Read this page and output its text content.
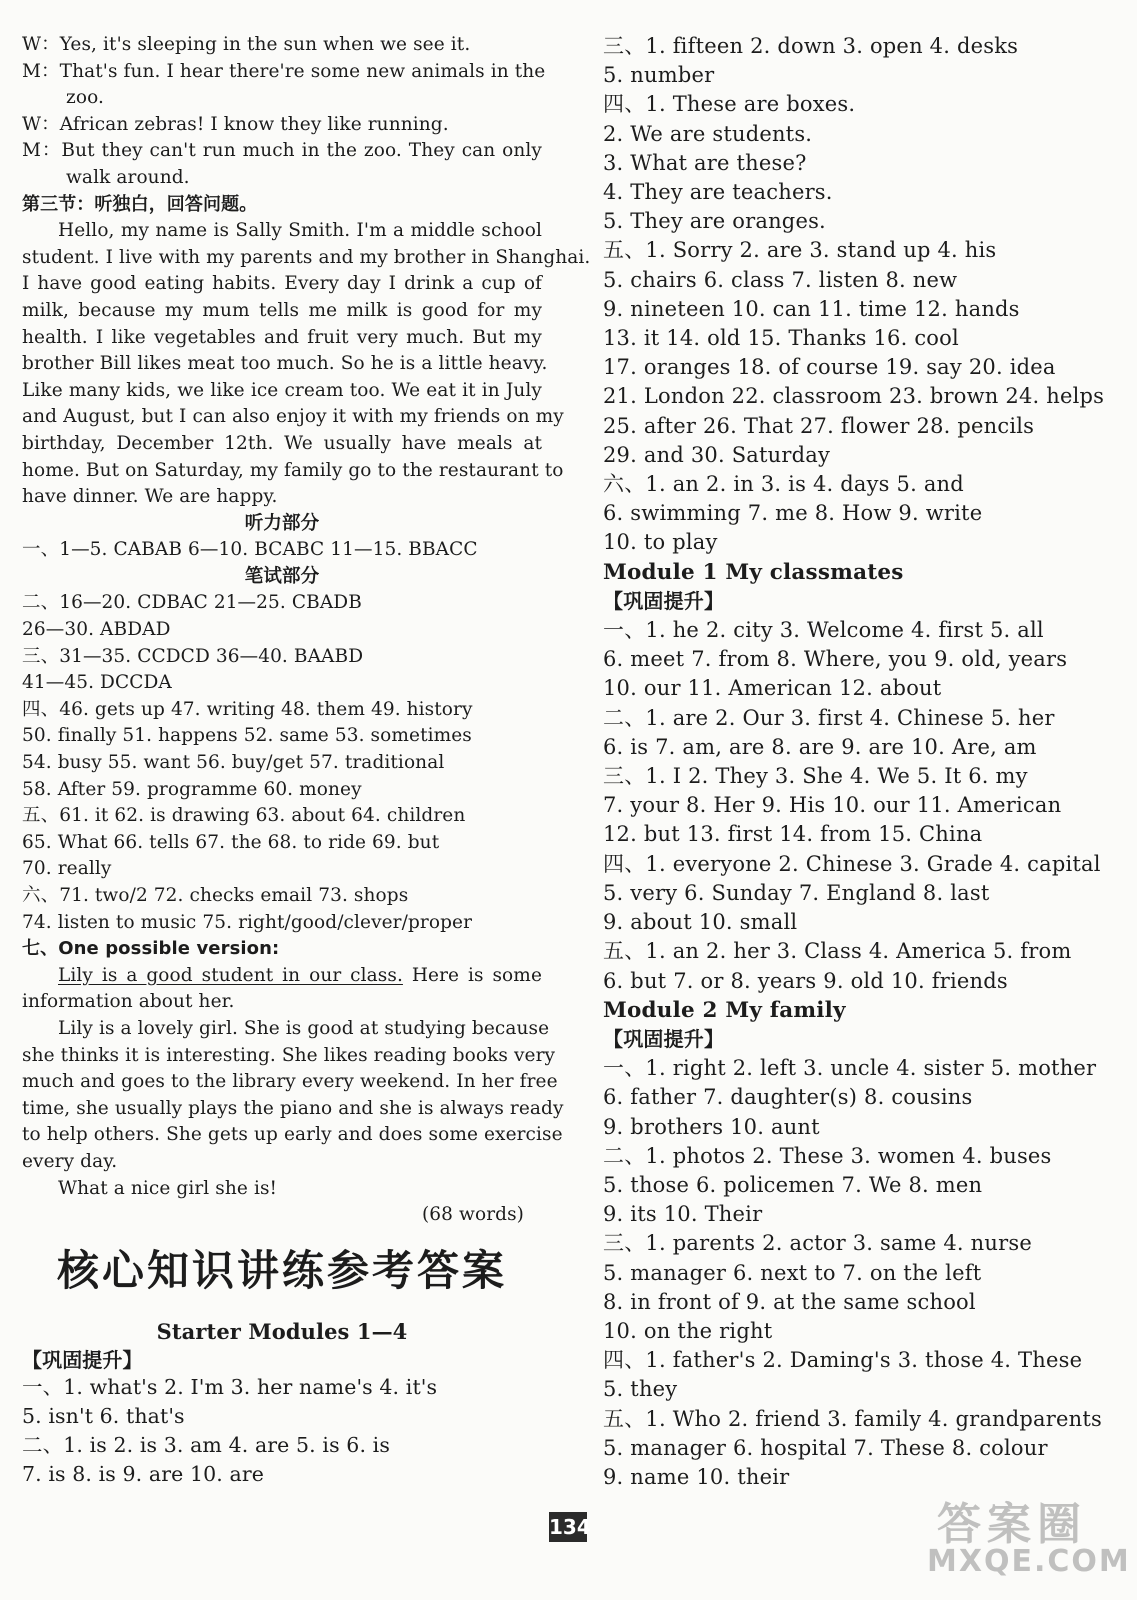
W：Yes, it's sleeping in the sun when we see it.
M：That's fun. I hear there're some new animals in the
zoo.
W：African zebras! I know they like running.
M：But they can't run much in the zoo. They can only
walk around.
第三节：听独白，回答问题。
Hello, my name is Sally Smith. I'm a middle school
student. I live with my parents and my brother in Shanghai.
I have good eating habits. Every day I drink a cup of
milk, because my mum tells me milk is good for my
health. I like vegetables and fruit very much. But my
brother Bill likes meat too much. So he is a little heavy.
Like many kids, we like ice cream too. We eat it in July
and August, but I can also enjoy it with my friends on my
birthday, December 12th. We usually have meals at
home. But on Saturday, my family go to the restaurant to
have dinner. We are happy.
听力部分
一、1—5. CABAB 6—10. BCABC 11—15. BBACC
笔试部分
二、16—20. CDBAC 21—25. CBADB
26—30. ABDAD
三、31—35. CCDCD 36—40. BAABD
41—45. DCCDA
四、46. gets up 47. writing 48. them 49. history
50. finally 51. happens 52. same 53. sometimes
54. busy 55. want 56. buy/get 57. traditional
58. After 59. programme 60. money
五、61. it 62. is drawing 63. about 64. children
65. What 66. tells 67. the 68. to ride 69. but
70. really
六、71. two/2 72. checks email 73. shops
74. listen to music 75. right/good/clever/proper
七、One possible version:
Lily is a good student in our class. Here is some
information about her.
Lily is a lovely girl. She is good at studying because
she thinks it is interesting. She likes reading books very
much and goes to the library every weekend. In her free
time, she usually plays the piano and she is always ready
to help others. She gets up early and does some exercise
every day.
What a nice girl she is!
(68 words)
核心知识讲练参考答案
Starter Modules 1—4
【巩固提升】
一、1. what's 2. I'm 3. her name's 4. it's
5. isn't 6. that's
二、1. is 2. is 3. am 4. are 5. is 6. is
7. is 8. is 9. are 10. are
三、1. fifteen 2. down 3. open 4. desks
5. number
四、1. These are boxes.
2. We are students.
3. What are these?
4. They are teachers.
5. They are oranges.
五、1. Sorry 2. are 3. stand up 4. his
5. chairs 6. class 7. listen 8. new
9. nineteen 10. can 11. time 12. hands
13. it 14. old 15. Thanks 16. cool
17. oranges 18. of course 19. say 20. idea
21. London 22. classroom 23. brown 24. helps
25. after 26. That 27. flower 28. pencils
29. and 30. Saturday
六、1. an 2. in 3. is 4. days 5. and
6. swimming 7. me 8. How 9. write
10. to play
Module 1 My classmates
【巩固提升】
一、1. he 2. city 3. Welcome 4. first 5. all
6. meet 7. from 8. Where, you 9. old, years
10. our 11. American 12. about
二、1. are 2. Our 3. first 4. Chinese 5. her
6. is 7. am, are 8. are 9. are 10. Are, am
三、1. I 2. They 3. She 4. We 5. It 6. my
7. your 8. Her 9. His 10. our 11. American
12. but 13. first 14. from 15. China
四、1. everyone 2. Chinese 3. Grade 4. capital
5. very 6. Sunday 7. England 8. last
9. about 10. small
五、1. an 2. her 3. Class 4. America 5. from
6. but 7. or 8. years 9. old 10. friends
Module 2 My family
【巩固提升】
一、1. right 2. left 3. uncle 4. sister 5. mother
6. father 7. daughter(s) 8. cousins
9. brothers 10. aunt
二、1. photos 2. These 3. women 4. buses
5. those 6. policemen 7. We 8. men
9. its 10. Their
三、1. parents 2. actor 3. same 4. nurse
5. manager 6. next to 7. on the left
8. in front of 9. at the same school
10. on the right
四、1. father's 2. Daming's 3. those 4. These
5. they
五、1. Who 2. friend 3. family 4. grandparents
5. manager 6. hospital 7. These 8. colour
9. name 10. their
134	答案圈
MXQE.COM
